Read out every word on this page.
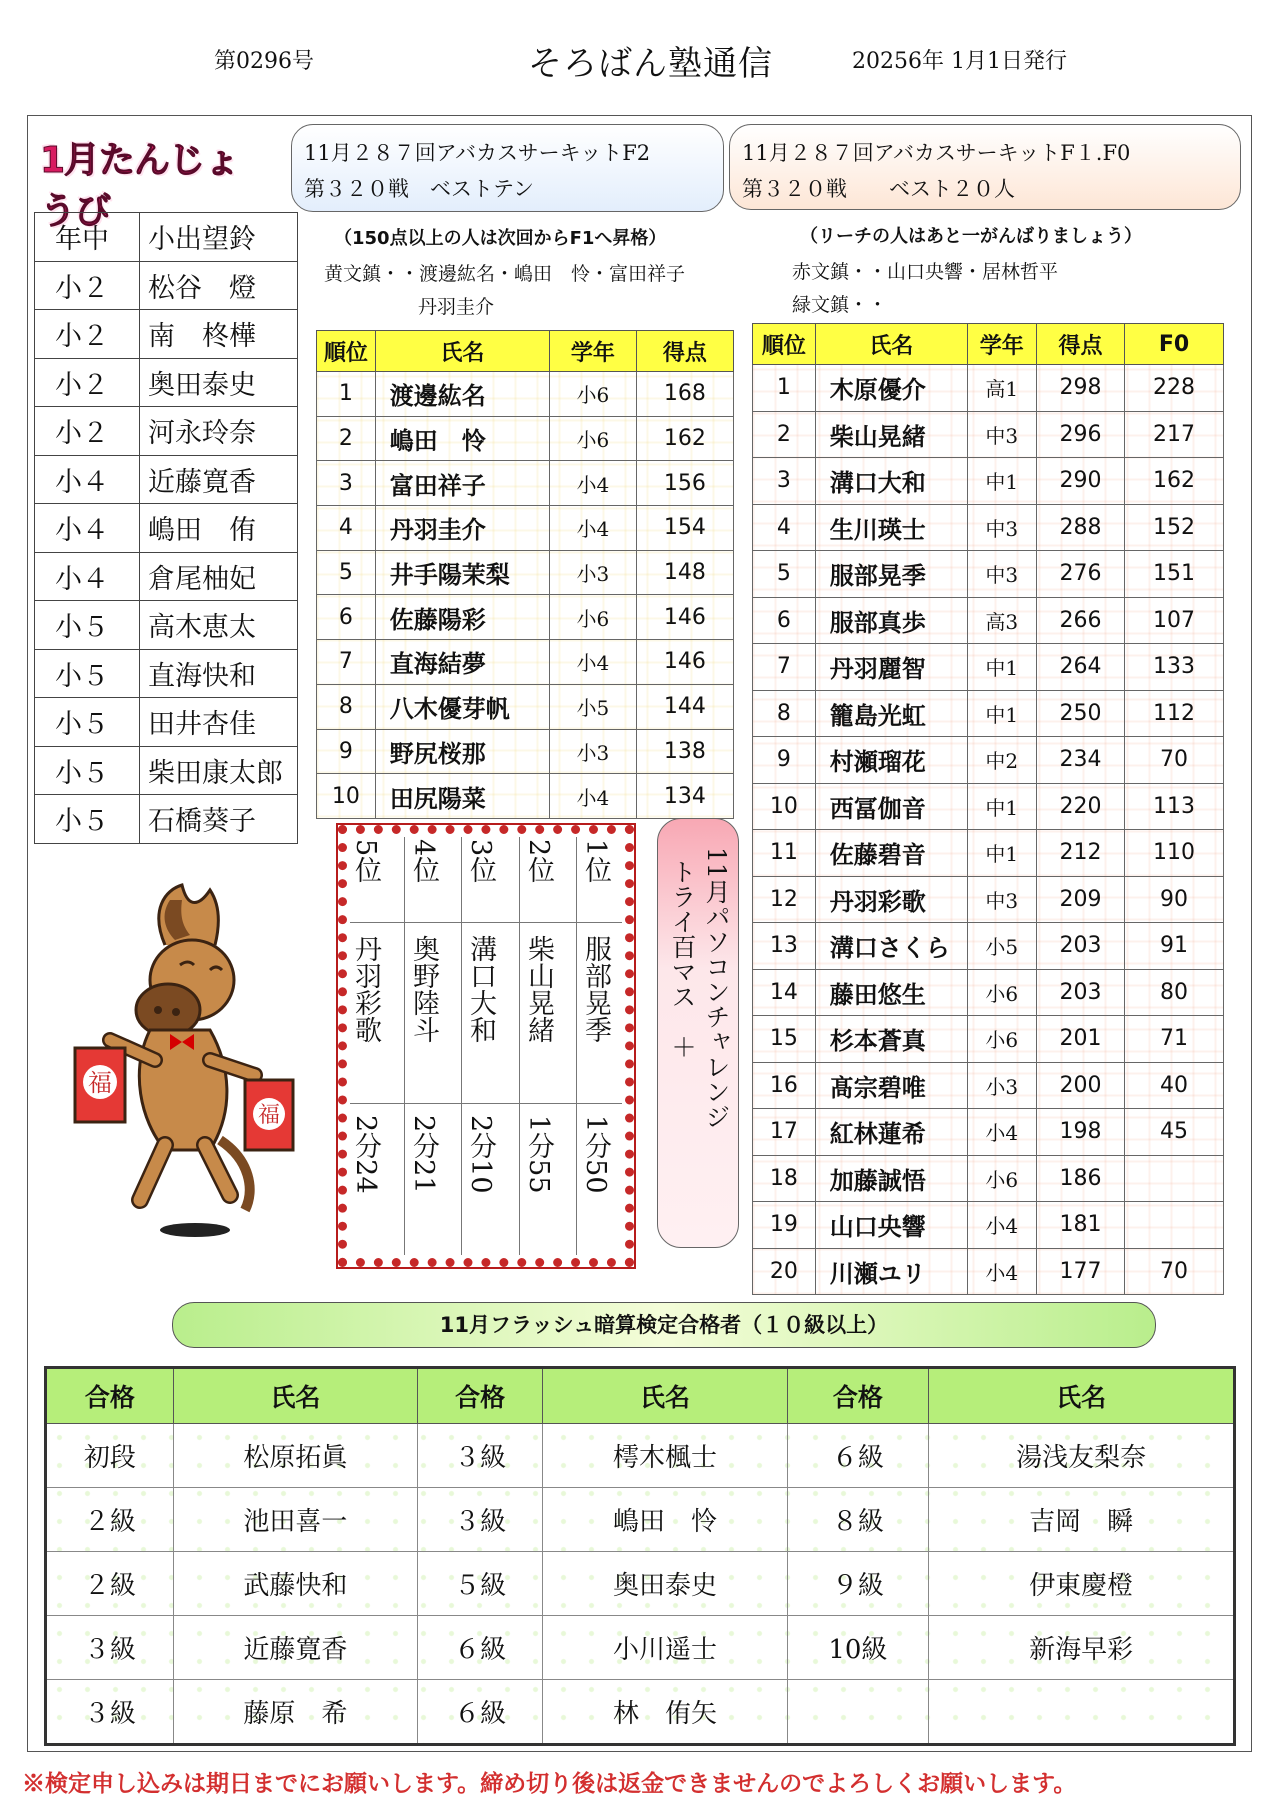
第0296号	そろばん塾通信	20256年 1月1日発行
1月たんじょうび
年中	小出望鈴
小２	松谷　燈
小２	南　柊樺
小２	奥田泰史
小２	河永玲奈
小４	近藤寛香
小４	嶋田　侑
小４	倉尾柚妃
小５	高木恵太
小５	直海快和
小５	田井杏佳
小５	柴田康太郎
小５	石橋葵子
福
福
11月２８７回アバカスサーキットF2
第３２０戦　ベストテン
11月２８７回アバカスサーキットF１.F0
第３２０戦　　ベスト２０人
（150点以上の人は次回からF1へ昇格）
黄文鎮・・渡邊紘名・嶋田　怜・富田祥子
丹羽圭介
（リーチの人はあと一がんばりましょう）
赤文鎮・・山口央響・居林哲平
緑文鎮・・
順位	氏名	学年	得点
1	渡邊紘名	小6	168
2	嶋田　怜	小6	162
3	富田祥子	小4	156
4	丹羽圭介	小4	154
5	井手陽茉梨	小3	148
6	佐藤陽彩	小6	146
7	直海結夢	小4	146
8	八木優芽帆	小5	144
9	野尻桜那	小3	138
10	田尻陽菜	小4	134
順位	氏名	学年	得点	F0
1	木原優介	高1	298	228
2	柴山晃緒	中3	296	217
3	溝口大和	中1	290	162
4	生川瑛士	中3	288	152
5	服部晃季	中3	276	151
6	服部真歩	高3	266	107
7	丹羽麗智	中1	264	133
8	籠島光虹	中1	250	112
9	村瀬瑠花	中2	234	70
10	西冨伽音	中1	220	113
11	佐藤碧音	中1	212	110
12	丹羽彩歌	中3	209	90
13	溝口さくら	小5	203	91
14	藤田悠生	小6	203	80
15	杉本蒼真	小6	201	71
16	髙宗碧唯	小3	200	40
17	紅林蓮希	小4	198	45
18	加藤誠悟	小6	186	
19	山口央響	小4	181	
20	川瀬ユリ	小4	177	70
1位
服部晃季
1分50
2位
柴山晃緒
1分55
3位
溝口大和
2分10
4位
奥野陸斗
2分21
5位
丹羽彩歌
2分24
11月パソコンチャレンジ
トライ百マス　＋
11月フラッシュ暗算検定合格者（１０級以上）
合格	氏名	合格	氏名	合格	氏名
初段	松原拓眞	３級	樗木楓士	６級	湯浅友梨奈
２級	池田喜一	３級	嶋田　怜	８級	吉岡　瞬
２級	武藤快和	５級	奥田泰史	９級	伊東慶橙
３級	近藤寛香	６級	小川遥士	10級	新海早彩
３級	藤原　希	６級	林　侑矢		
※検定申し込みは期日までにお願いします。締め切り後は返金できませんのでよろしくお願いします。
